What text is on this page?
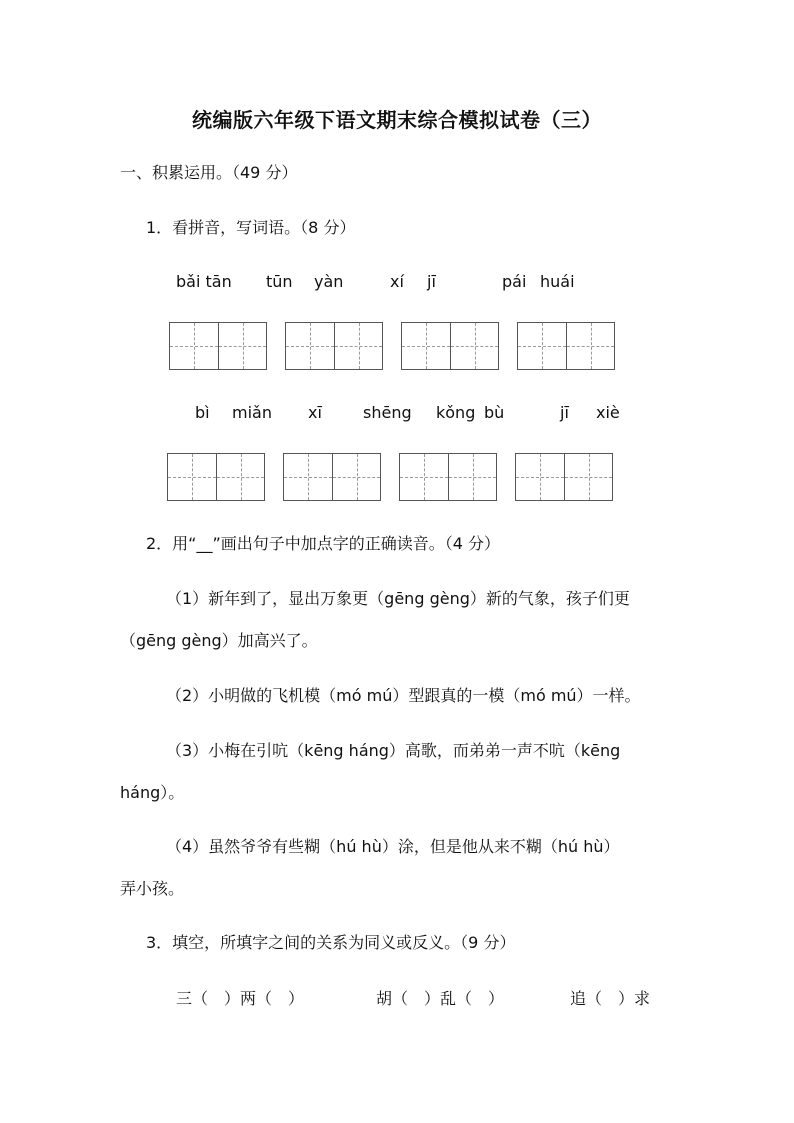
统编版六年级下语文期末综合模拟试卷（三）
一、积累运用。（49 分）
1．看拼音，写词语。（8 分）
bǎi tān tūn yàn	xí jī	pái huái
bì miǎn xī	shēng kǒng bù	jī xiè
2．用“__”画出句子中加点字的正确读音。（4 分）
（1）新年到了，显出万象更（gēng gèng）新的气象，孩子们更
（gēng gèng）加高兴了。
（2）小明做的飞机模（mó mú）型跟真的一模（mó mú）一样。
（3）小梅在引吭（kēng háng）高歌，而弟弟一声不吭（kēng
háng）。
（4）虽然爷爷有些糊（hú hù）涂，但是他从来不糊（hú hù）
弄小孩。
3．填空，所填字之间的关系为同义或反义。（9 分）
三（　）两（　）	胡（　）乱（　）	追（　）求
